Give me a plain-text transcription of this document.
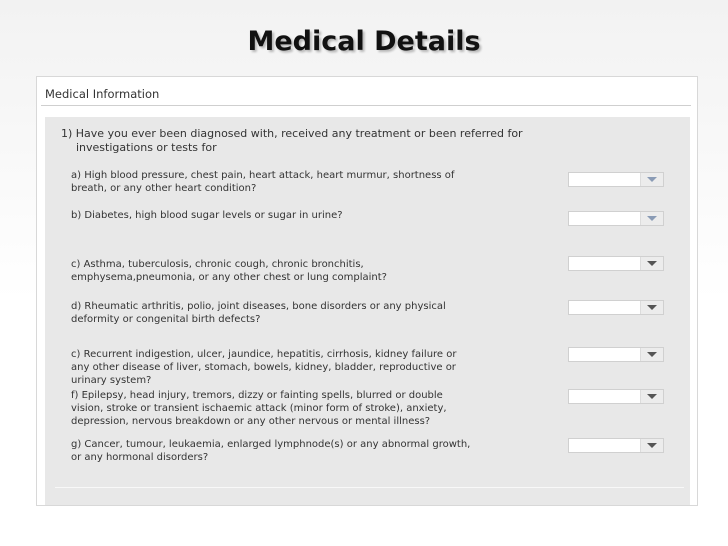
Medical Details
Medical Information
1) Have you ever been diagnosed with, received any treatment or been referred for
investigations or tests for
a) High blood pressure, chest pain, heart attack, heart murmur, shortness of
breath, or any other heart condition?
b) Diabetes, high blood sugar levels or sugar in urine?
c) Asthma, tuberculosis, chronic cough, chronic bronchitis,
emphysema,pneumonia, or any other chest or lung complaint?
d) Rheumatic arthritis, polio, joint diseases, bone disorders or any physical
deformity or congenital birth defects?
c) Recurrent indigestion, ulcer, jaundice, hepatitis, cirrhosis, kidney failure or
any other disease of liver, stomach, bowels, kidney, bladder, reproductive or
urinary system?
f) Epilepsy, head injury, tremors, dizzy or fainting spells, blurred or double
vision, stroke or transient ischaemic attack (minor form of stroke), anxiety,
depression, nervous breakdown or any other nervous or mental illness?
g) Cancer, tumour, leukaemia, enlarged lymphnode(s) or any abnormal growth,
or any hormonal disorders?
